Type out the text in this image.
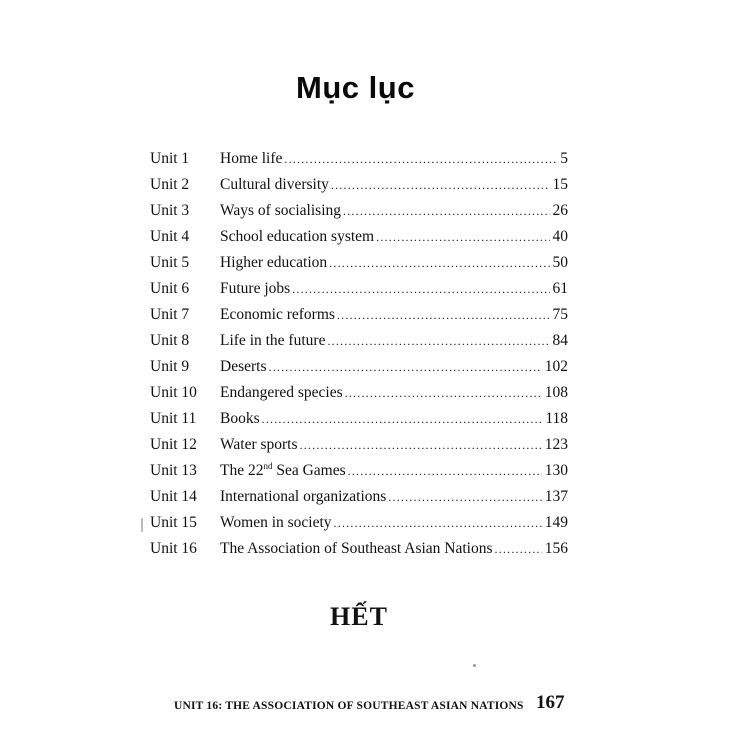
Mục lục
Unit 1	Home life .....	5
Unit 2	Cultural diversity .....	15
Unit 3	Ways of socialising .....	26
Unit 4	School education system .....	40
Unit 5	Higher education .....	50
Unit 6	Future jobs .....	61
Unit 7	Economic reforms .....	75
Unit 8	Life in the future .....	84
Unit 9	Deserts .....	102
Unit 10	Endangered species .....	108
Unit 11	Books .....	118
Unit 12	Water sports .....	123
Unit 13	The 22nd Sea Games .....	130
Unit 14	International organizations .....	137
Unit 15	Women in society .....	149
Unit 16	The Association of Southeast Asian Nations .....	156
HẾT
UNIT 16: THE ASSOCIATION OF SOUTHEAST ASIAN NATIONS 167
